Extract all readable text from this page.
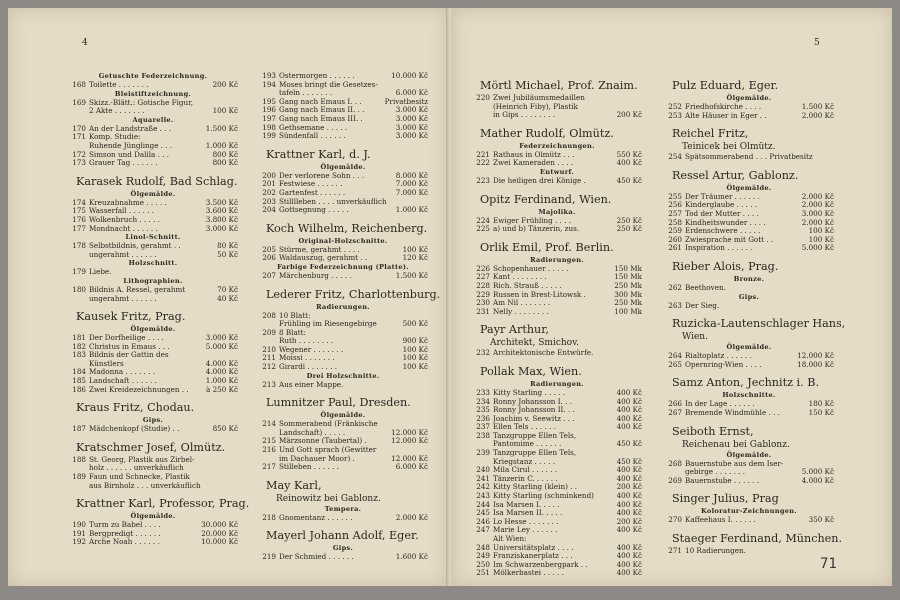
4
Getuschte Federzeichnung.
168 Toilette . . . . . . .	200 Kč
Bleistiftzeichnung.
169 Skizz.-Blätt.: Gotische Figur,
2 Akte . . . . . . .	100 Kč
Aquarelle.
170 An der Landstraße . . .	1.500 Kč
171 Komp. Studie:
Ruhende Jünglinge . . .	1.000 Kč
172 Simson und Dalila . . .	800 Kč
173 Grauer Tag . . . . . .	800 Kč
Karasek Rudolf, Bad Schlag.
Ölgemälde.
174 Kreuzabnahme . . . . .	3.500 Kč
175 Wasserfall . . . . . .	3.600 Kč
176 Wolkenbruch . . . . .	3.800 Kč
177 Mondnacht . . . . . .	3.000 Kč
Linol-Schnitt.
178 Selbstbildnis, gerahmt . .	80 Kč
ungerahmt . . . . . .	50 Kč
Holzschnitt.
179 Liebe.
Lithographien.
180 Bildnis A. Ressel, gerahmt	70 Kč
ungerahmt . . . . . .	40 Kč
Kausek Fritz, Prag.
Ölgemälde.
181 Der Dorfheilige . . . .	3.000 Kč
182 Christus in Emaus . . .	5.000 Kč
183 Bildnis der Gattin des
Künstlers	4.000 Kč
184 Madonna . . . . . . .	4.000 Kč
185 Landschaft . . . . . .	1.000 Kč
186 Zwei Kreidezeichnungen . .	à 250 Kč
Kraus Fritz, Chodau.
Gips.
187 Mädchenkopf (Studie) . .	850 Kč
Kratschmer Josef, Olmütz.
188 St. Georg, Plastik aus Zirbel-
holz . . . . . . unverkäuflich
189 Faun und Schnecke, Plastik
aus Birnholz . . . unverkäuflich
Krattner Karl, Professor, Prag.
Ölgemälde.
190 Turm zu Babel . . . .	30.000 Kč
191 Bergpredigt . . . . . .	20.000 Kč
192 Arche Noah . . . . . .	10.000 Kč
193 Ostermorgen . . . . . .	10.000 Kč
194 Moses bringt die Gesetzes-
tafeln . . . . . . .	6.000 Kč
195 Gang nach Emaus I. . .	Privatbesitz
196 Gang nach Emaus II. . .	3.000 Kč
197 Gang nach Emaus III. .	3.000 Kč
198 Gethsemane . . . . .	3.000 Kč
199 Sündenfall . . . . . .	3.000 Kč
Krattner Karl, d. J.
Ölgemälde.
200 Der verlorene Sohn . . .	8.000 Kč
201 Festwiese . . . . . .	7.000 Kč
202 Gartenfest . . . . . .	7.000 Kč
203 Stilllleben . . . . unverkäuflich
204 Gottsegnung . . . . .	1.000 Kč
Koch Wilhelm, Reichenberg.
Original-Holzschnitte.
205 Stürme, gerahmt . . . .	100 Kč
206 Waldauszug, gerahmt . .	120 Kč
Farbige Federzeichnung (Platte).
207 Märchenburg . . . . .	1.500 Kč
Lederer Fritz, Charlottenburg.
Radierungen.
208 10 Blatt:
Frühling im Riesengebirge	500 Kč
209 8 Blatt:
Ruth . . . . . . . .	900 Kč
210 Wegener . . . . . . .	100 Kč
211 Moissi . . . . . . .	100 Kč
212 Girardi . . . . . . .	100 Kč
Drei Holzschnitte.
213 Aus einer Mappe.
Lumnitzer Paul, Dresden.
Ölgemälde.
214 Sommerabend (Fränkische
Landschaft) . . . . .	12.000 Kč
215 Märzsonne (Taubertal) .	12.000 Kč
216 Und Gott sprach (Gewitter
im Dachauer Moor) .	12.000 Kč
217 Stilleben . . . . . .	6.000 Kč
May Karl,
Reinowitz bei Gablonz.
Tempera.
218 Gnomentanz . . . . . .	2.000 Kč
Mayerl Johann Adolf, Eger.
Gips.
219 Der Schmied . . . . . .	1.600 Kč
5
Mörtl Michael, Prof. Znaim.
220 Zwei Jubiläumsmedaillen
(Heinrich Fiby), Plastik
in Gips . . . . . . . .	200 Kč
Mather Rudolf, Olmütz.
Federzeichnungen.
221 Rathaus in Olmütz . . .	550 Kč
222 Zwei Kameraden . . . .	400 Kč
Entwurf.
223 Die heiligen drei Könige .	450 Kč
Opitz Ferdinand, Wien.
Majolika.
224 Ewiger Frühling . . . .	250 Kč
225 a) und b) Tänzerin, zus.	250 Kč
Orlik Emil, Prof. Berlin.
Radierungen.
226 Schopenhauer . . . . .	150 Mk
227 Kant . . . . . . . .	150 Mk
228 Rich. Strauß . . . . .	250 Mk
229 Russen in Brest-Litowsk .	300 Mk
230 Am Nil . . . . . . .	250 Mk
231 Nelly . . . . . . . .	100 Mk
Payr Arthur,
Architekt, Smichov.
232 Architektonische Entwürfe.
Pollak Max, Wien.
Radierungen.
233 Kitty Starling . . . . .	400 Kč
234 Ronny Johansson I. . .	400 Kč
235 Ronny Johansson II. . .	400 Kč
236 Joachim v. Seewitz . . .	400 Kč
237 Ellen Tels . . . . . .	400 Kč
238 Tanzgruppe Ellen Tels,
Pantomime . . . . . .	450 Kč
239 Tanzgruppe Ellen Tels,
Kriegstanz . . . . .	450 Kč
240 Mila Cirul . . . . . .	400 Kč
241 Tänzerin C. . . . . .	400 Kč
242 Kitty Starling (klein) . .	200 Kč
243 Kitty Starling (schminkend)	400 Kč
244 Isa Marsen I. . . . .	400 Kč
245 Isa Marsen II. . . . .	400 Kč
246 Lo Hesse . . . . . . .	200 Kč
247 Marie Ley . . . . . .	400 Kč
Alt Wien:
248 Universitätsplatz . . . .	400 Kč
249 Franziskanerplatz . . .	400 Kč
250 Im Schwarzenbergpark . .	400 Kč
251 Mölkerbastei . . . . .	400 Kč
Pulz Eduard, Eger.
Ölgemälde.
252 Friedhofskirche . . . .	1.500 Kč
253 Alte Häuser in Eger . .	2.000 Kč
Reichel Fritz,
Teinicek bei Olmütz.
254 Spätsommerabend . . . Privatbesitz
Ressel Artur, Gablonz.
Ölgemälde.
255 Der Träumer . . . . . .	2.000 Kč
256 Kinderglaube . . . . .	2.000 Kč
257 Tod der Mutter . . . .	3.000 Kč
258 Kindheitswunder . . . .	2.000 Kč
259 Erdenschwere . . . . .	100 Kč
260 Zwiesprache mit Gott . .	100 Kč
261 Inspiration . . . . . .	5.000 Kč
Rieber Alois, Prag.
Bronze.
262 Beethoven.
Gips.
263 Der Sieg.
Ruzicka-Lautenschlager Hans,
Wien.
Ölgemälde.
264 Rialtoplatz . . . . . .	12.000 Kč
265 Opernring-Wien . . . .	18.000 Kč
Samz Anton, Jechnitz i. B.
Holzschnitte.
266 In der Lage . . . . . .	180 Kč
267 Bremende Windmühle . . .	150 Kč
Seiboth Ernst,
Reichenau bei Gablonz.
Ölgemälde.
268 Bauernstube aus dem Iser-
gebirge . . . . . . .	5.000 Kč
269 Bauernstube . . . . . .	4.000 Kč
Singer Julius, Prag
Koloratur-Zeichnungen.
270 Kaffeehaus I. . . . . .	350 Kč
Staeger Ferdinand, München.
271 10 Radierungen.
71
